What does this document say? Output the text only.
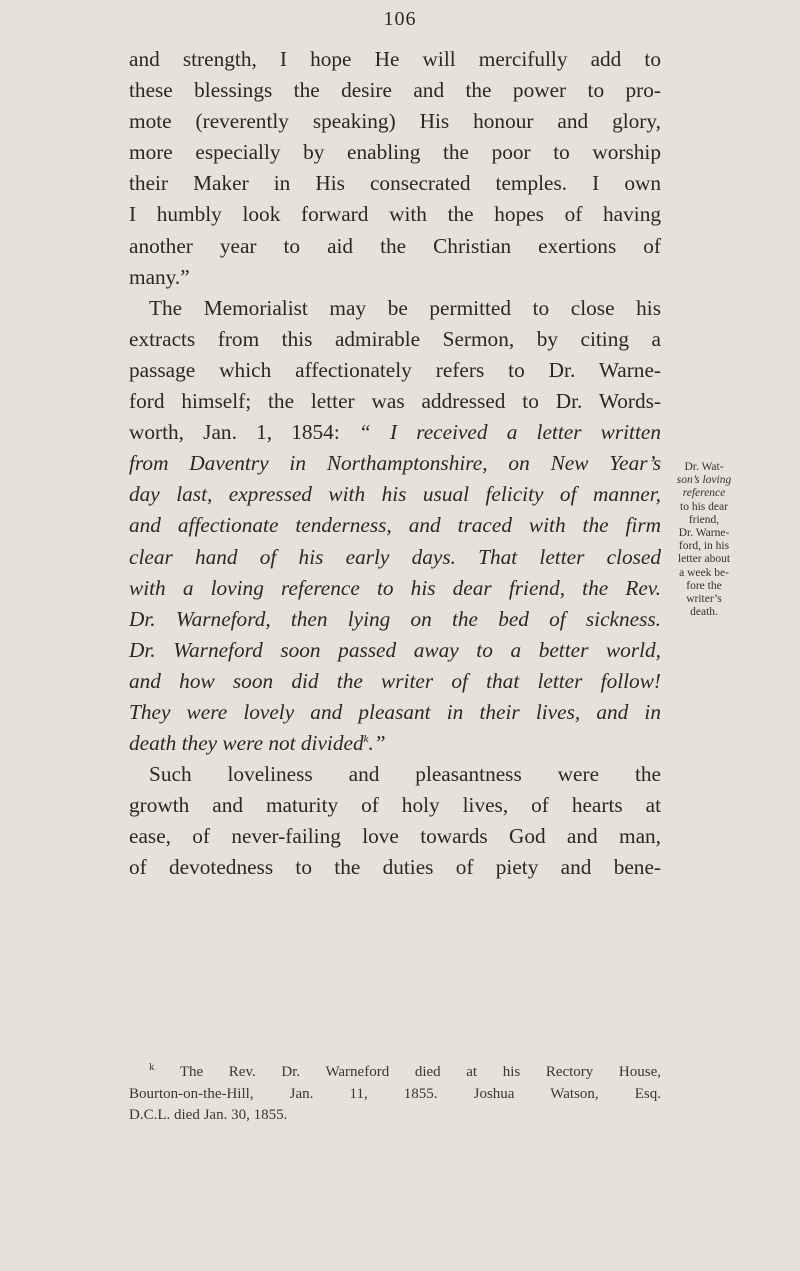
106
and strength, I hope He will mercifully add to
these blessings the desire and the power to pro-
mote (reverently speaking) His honour and glory,
more especially by enabling the poor to worship
their Maker in His consecrated temples. I own
I humbly look forward with the hopes of having
another year to aid the Christian exertions of
many.”
The Memorialist may be permitted to close his
extracts from this admirable Sermon, by citing a
passage which affectionately refers to Dr. Warne-
ford himself; the letter was addressed to Dr. Words-
worth, Jan. 1, 1854: “ I received a letter written
from Daventry in Northamptonshire, on New Year’s
day last, expressed with his usual felicity of manner,
and affectionate tenderness, and traced with the firm
clear hand of his early days. That letter closed
with a loving reference to his dear friend, the Rev.
Dr. Warneford, then lying on the bed of sickness.
Dr. Warneford soon passed away to a better world,
and how soon did the writer of that letter follow!
They were lovely and pleasant in their lives, and in
death they were not divided$^k$.”
Such loveliness and pleasantness were the
growth and maturity of holy lives, of hearts at
ease, of never-failing love towards God and man,
of devotedness to the duties of piety and bene-
Dr. Wat-
son’s loving
reference
to his dear
friend,
Dr. Warne-
ford, in his
letter about
a week be-
fore the
writer’s
death.
$^k$ The Rev. Dr. Warneford died at his Rectory House,
Bourton-on-the-Hill, Jan. 11, 1855. Joshua Watson, Esq.
D.C.L. died Jan. 30, 1855.
